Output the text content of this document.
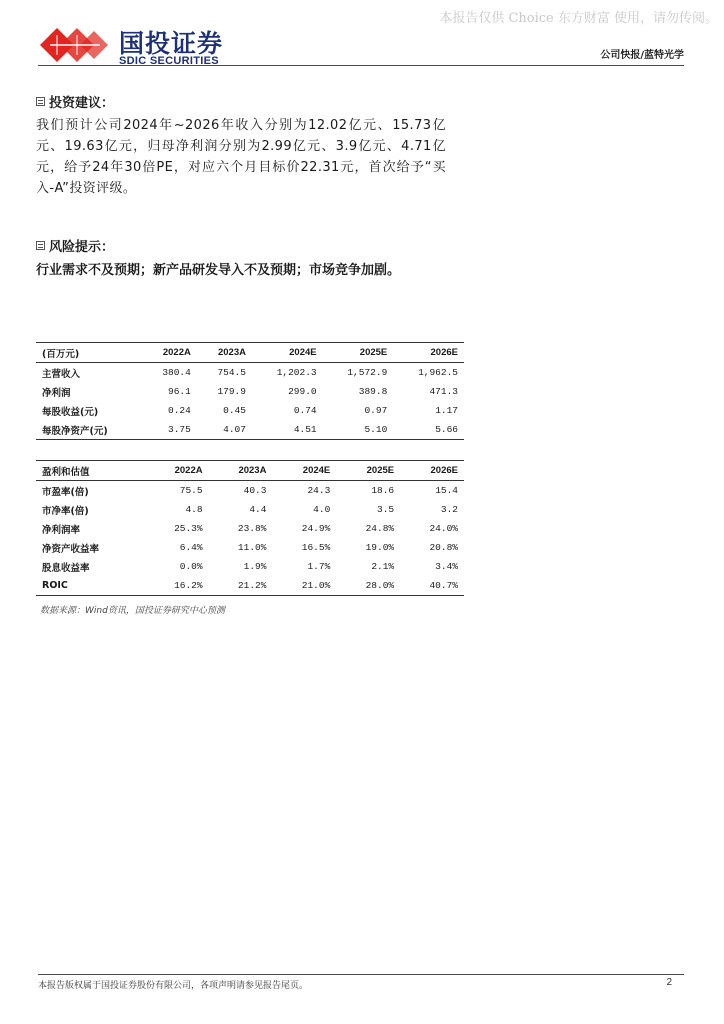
本报告仅供 Choice 东方财富 使用，请勿传阅。
国投证券
SDIC SECURITIES	公司快报/蓝特光学
投资建议：
我们预计公司2024年~2026年收入分别为12.02亿元、15.73亿元、19.63亿元，归母净利润分别为2.99亿元、3.9亿元、4.71亿元，给予24年30倍PE，对应六个月目标价22.31元，首次给予“买入-A”投资评级。
风险提示：
行业需求不及预期；新产品研发导入不及预期；市场竞争加剧。
(百万元)	2022A	2023A	2024E	2025E	2026E
主营收入	380.4	754.5	1,202.3	1,572.9	1,962.5
净利润	96.1	179.9	299.0	389.8	471.3
每股收益(元)	0.24	0.45	0.74	0.97	1.17
每股净资产(元)	3.75	4.07	4.51	5.10	5.66
盈利和估值	2022A	2023A	2024E	2025E	2026E
市盈率(倍)	75.5	40.3	24.3	18.6	15.4
市净率(倍)	4.8	4.4	4.0	3.5	3.2
净利润率	25.3%	23.8%	24.9%	24.8%	24.0%
净资产收益率	6.4%	11.0%	16.5%	19.0%	20.8%
股息收益率	0.0%	1.9%	1.7%	2.1%	3.4%
ROIC	16.2%	21.2%	21.0%	28.0%	40.7%
数据来源：Wind资讯，国投证券研究中心预测
本报告版权属于国投证券股份有限公司，各项声明请参见报告尾页。	2
